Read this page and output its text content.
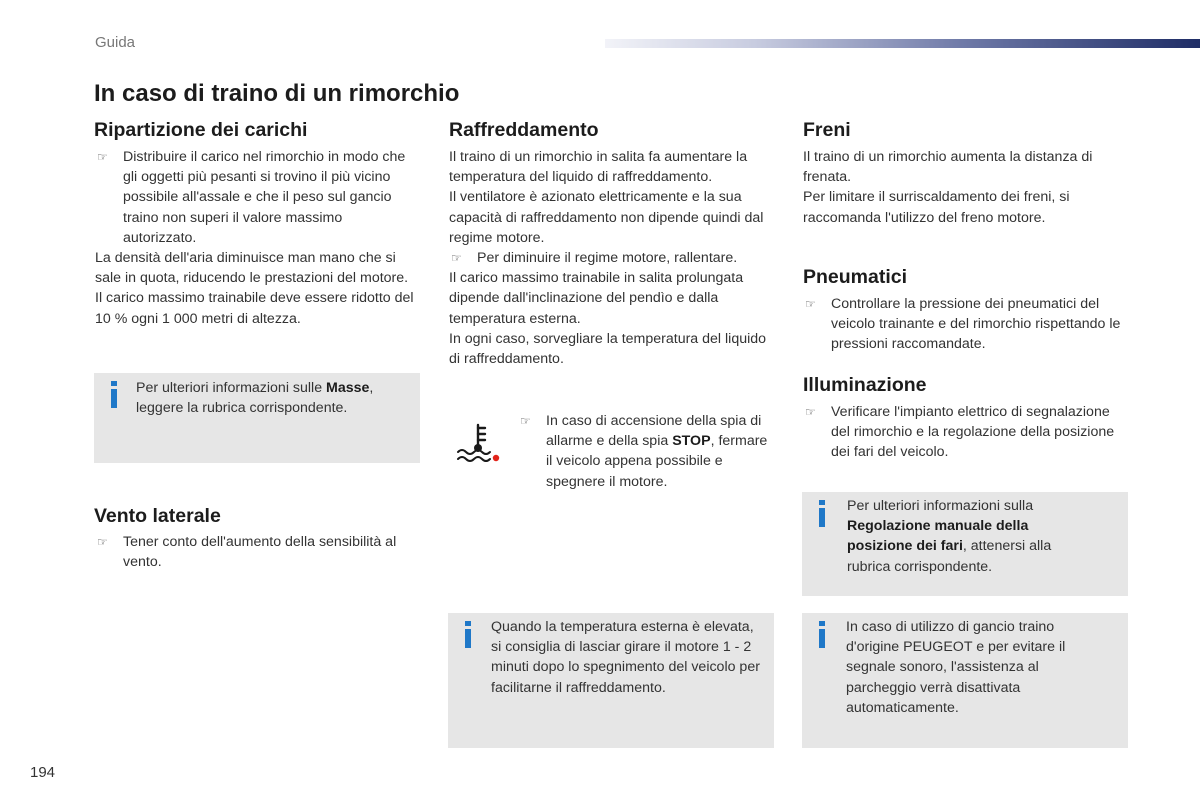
Guida
In caso di traino di un rimorchio
Ripartizione dei carichi
☞ Distribuire il carico nel rimorchio in modo che gli oggetti più pesanti si trovino il più vicino possibile all'assale e che il peso sul gancio traino non superi il valore massimo autorizzato.

La densità dell'aria diminuisce man mano che si sale in quota, riducendo le prestazioni del motore. Il carico massimo trainabile deve essere ridotto del 10 % ogni 1 000 metri di altezza.

Per ulteriori informazioni sulle Masse, leggere la rubrica corrispondente.
Vento laterale
☞ Tener conto dell'aumento della sensibilità al vento.
Raffreddamento

Il traino di un rimorchio in salita fa aumentare la temperatura del liquido di raffreddamento.

Il ventilatore è azionato elettricamente e la sua capacità di raffreddamento non dipende quindi dal regime motore.

☞ Per diminuire il regime motore, rallentare.

Il carico massimo trainabile in salita prolungata dipende dall'inclinazione del pendìo e dalla temperatura esterna.

In ogni caso, sorvegliare la temperatura del liquido di raffreddamento.

☞ In caso di accensione della spia di allarme e della spia STOP, fermare il veicolo appena possibile e spegnere il motore.
Quando la temperatura esterna è elevata, si consiglia di lasciar girare il motore 1 - 2 minuti dopo lo spegnimento del veicolo per facilitarne il raffreddamento.
Freni

Il traino di un rimorchio aumenta la distanza di frenata.

Per limitare il surriscaldamento dei freni, si raccomanda l'utilizzo del freno motore.

Pneumatici
☞ Controllare la pressione dei pneumatici del veicolo trainante e del rimorchio rispettando le pressioni raccomandate.
Illuminazione
☞ Verificare l'impianto elettrico di segnalazione del rimorchio e la regolazione della posizione dei fari del veicolo.
Per ulteriori informazioni sulla Regolazione manuale della posizione dei fari, attenersi alla rubrica corrispondente.
In caso di utilizzo di gancio traino d'origine PEUGEOT e per evitare il segnale sonoro, l'assistenza al parcheggio verrà disattivata automaticamente.
194
